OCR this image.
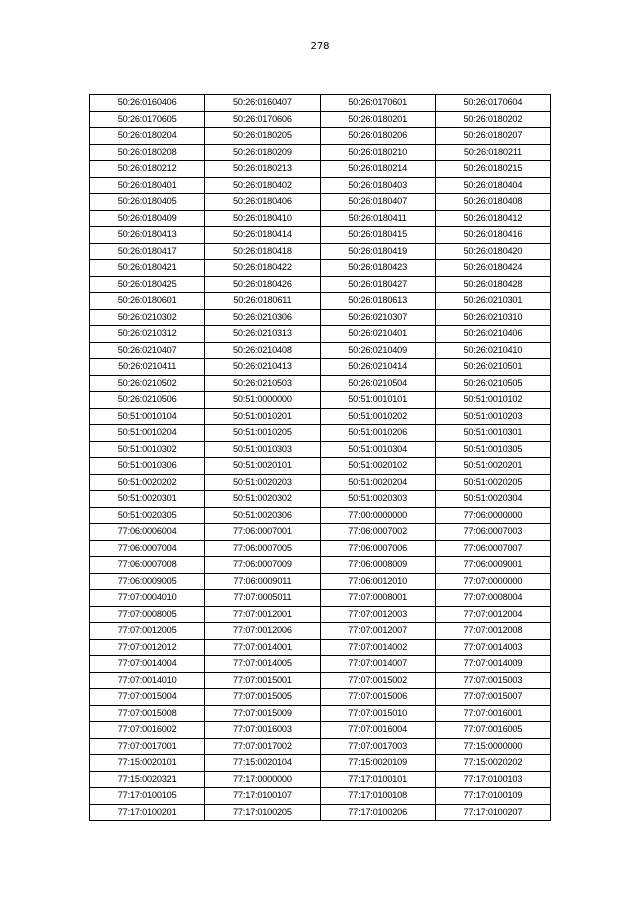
278
50:26:0160406	50:26:0160407	50:26:0170601	50:26:0170604
50:26:0170605	50:26:0170606	50:26:0180201	50:26:0180202
50:26:0180204	50:26:0180205	50:26:0180206	50:26:0180207
50:26:0180208	50:26:0180209	50:26:0180210	50:26:0180211
50:26:0180212	50:26:0180213	50:26:0180214	50:26:0180215
50:26:0180401	50:26:0180402	50:26:0180403	50:26:0180404
50:26:0180405	50:26:0180406	50:26:0180407	50:26:0180408
50:26:0180409	50:26:0180410	50:26:0180411	50:26:0180412
50:26:0180413	50:26:0180414	50:26:0180415	50:26:0180416
50:26:0180417	50:26:0180418	50:26:0180419	50:26:0180420
50:26:0180421	50:26:0180422	50:26:0180423	50:26:0180424
50:26:0180425	50:26:0180426	50:26:0180427	50:26:0180428
50:26:0180601	50:26:0180611	50:26:0180613	50:26:0210301
50:26:0210302	50:26:0210306	50:26:0210307	50:26:0210310
50:26:0210312	50:26:0210313	50:26:0210401	50:26:0210406
50:26:0210407	50:26:0210408	50:26:0210409	50:26:0210410
50:26:0210411	50:26:0210413	50:26:0210414	50:26:0210501
50:26:0210502	50:26:0210503	50:26:0210504	50:26:0210505
50:26:0210506	50:51:0000000	50:51:0010101	50:51:0010102
50:51:0010104	50:51:0010201	50:51:0010202	50:51:0010203
50:51:0010204	50:51:0010205	50:51:0010206	50:51:0010301
50:51:0010302	50:51:0010303	50:51:0010304	50:51:0010305
50:51:0010306	50:51:0020101	50:51:0020102	50:51:0020201
50:51:0020202	50:51:0020203	50:51:0020204	50:51:0020205
50:51:0020301	50:51:0020302	50:51:0020303	50:51:0020304
50:51:0020305	50:51:0020306	77:00:0000000	77:06:0000000
77:06:0006004	77:06:0007001	77:06:0007002	77:06:0007003
77:06:0007004	77:06:0007005	77:06:0007006	77:06:0007007
77:06:0007008	77:06:0007009	77:06:0008009	77:06:0009001
77:06:0009005	77:06:0009011	77:06:0012010	77:07:0000000
77:07:0004010	77:07:0005011	77:07:0008001	77:07:0008004
77:07:0008005	77:07:0012001	77:07:0012003	77:07:0012004
77:07:0012005	77:07:0012006	77:07:0012007	77:07:0012008
77:07:0012012	77:07:0014001	77:07:0014002	77:07:0014003
77:07:0014004	77:07:0014005	77:07:0014007	77:07:0014009
77:07:0014010	77:07:0015001	77:07:0015002	77:07:0015003
77:07:0015004	77:07:0015005	77:07:0015006	77:07:0015007
77:07:0015008	77:07:0015009	77:07:0015010	77:07:0016001
77:07:0016002	77:07:0016003	77:07:0016004	77:07:0016005
77:07:0017001	77:07:0017002	77:07:0017003	77:15:0000000
77:15:0020101	77:15:0020104	77:15:0020109	77:15:0020202
77:15:0020321	77:17:0000000	77:17:0100101	77:17:0100103
77:17:0100105	77:17:0100107	77:17:0100108	77:17:0100109
77:17:0100201	77:17:0100205	77:17:0100206	77:17:0100207
